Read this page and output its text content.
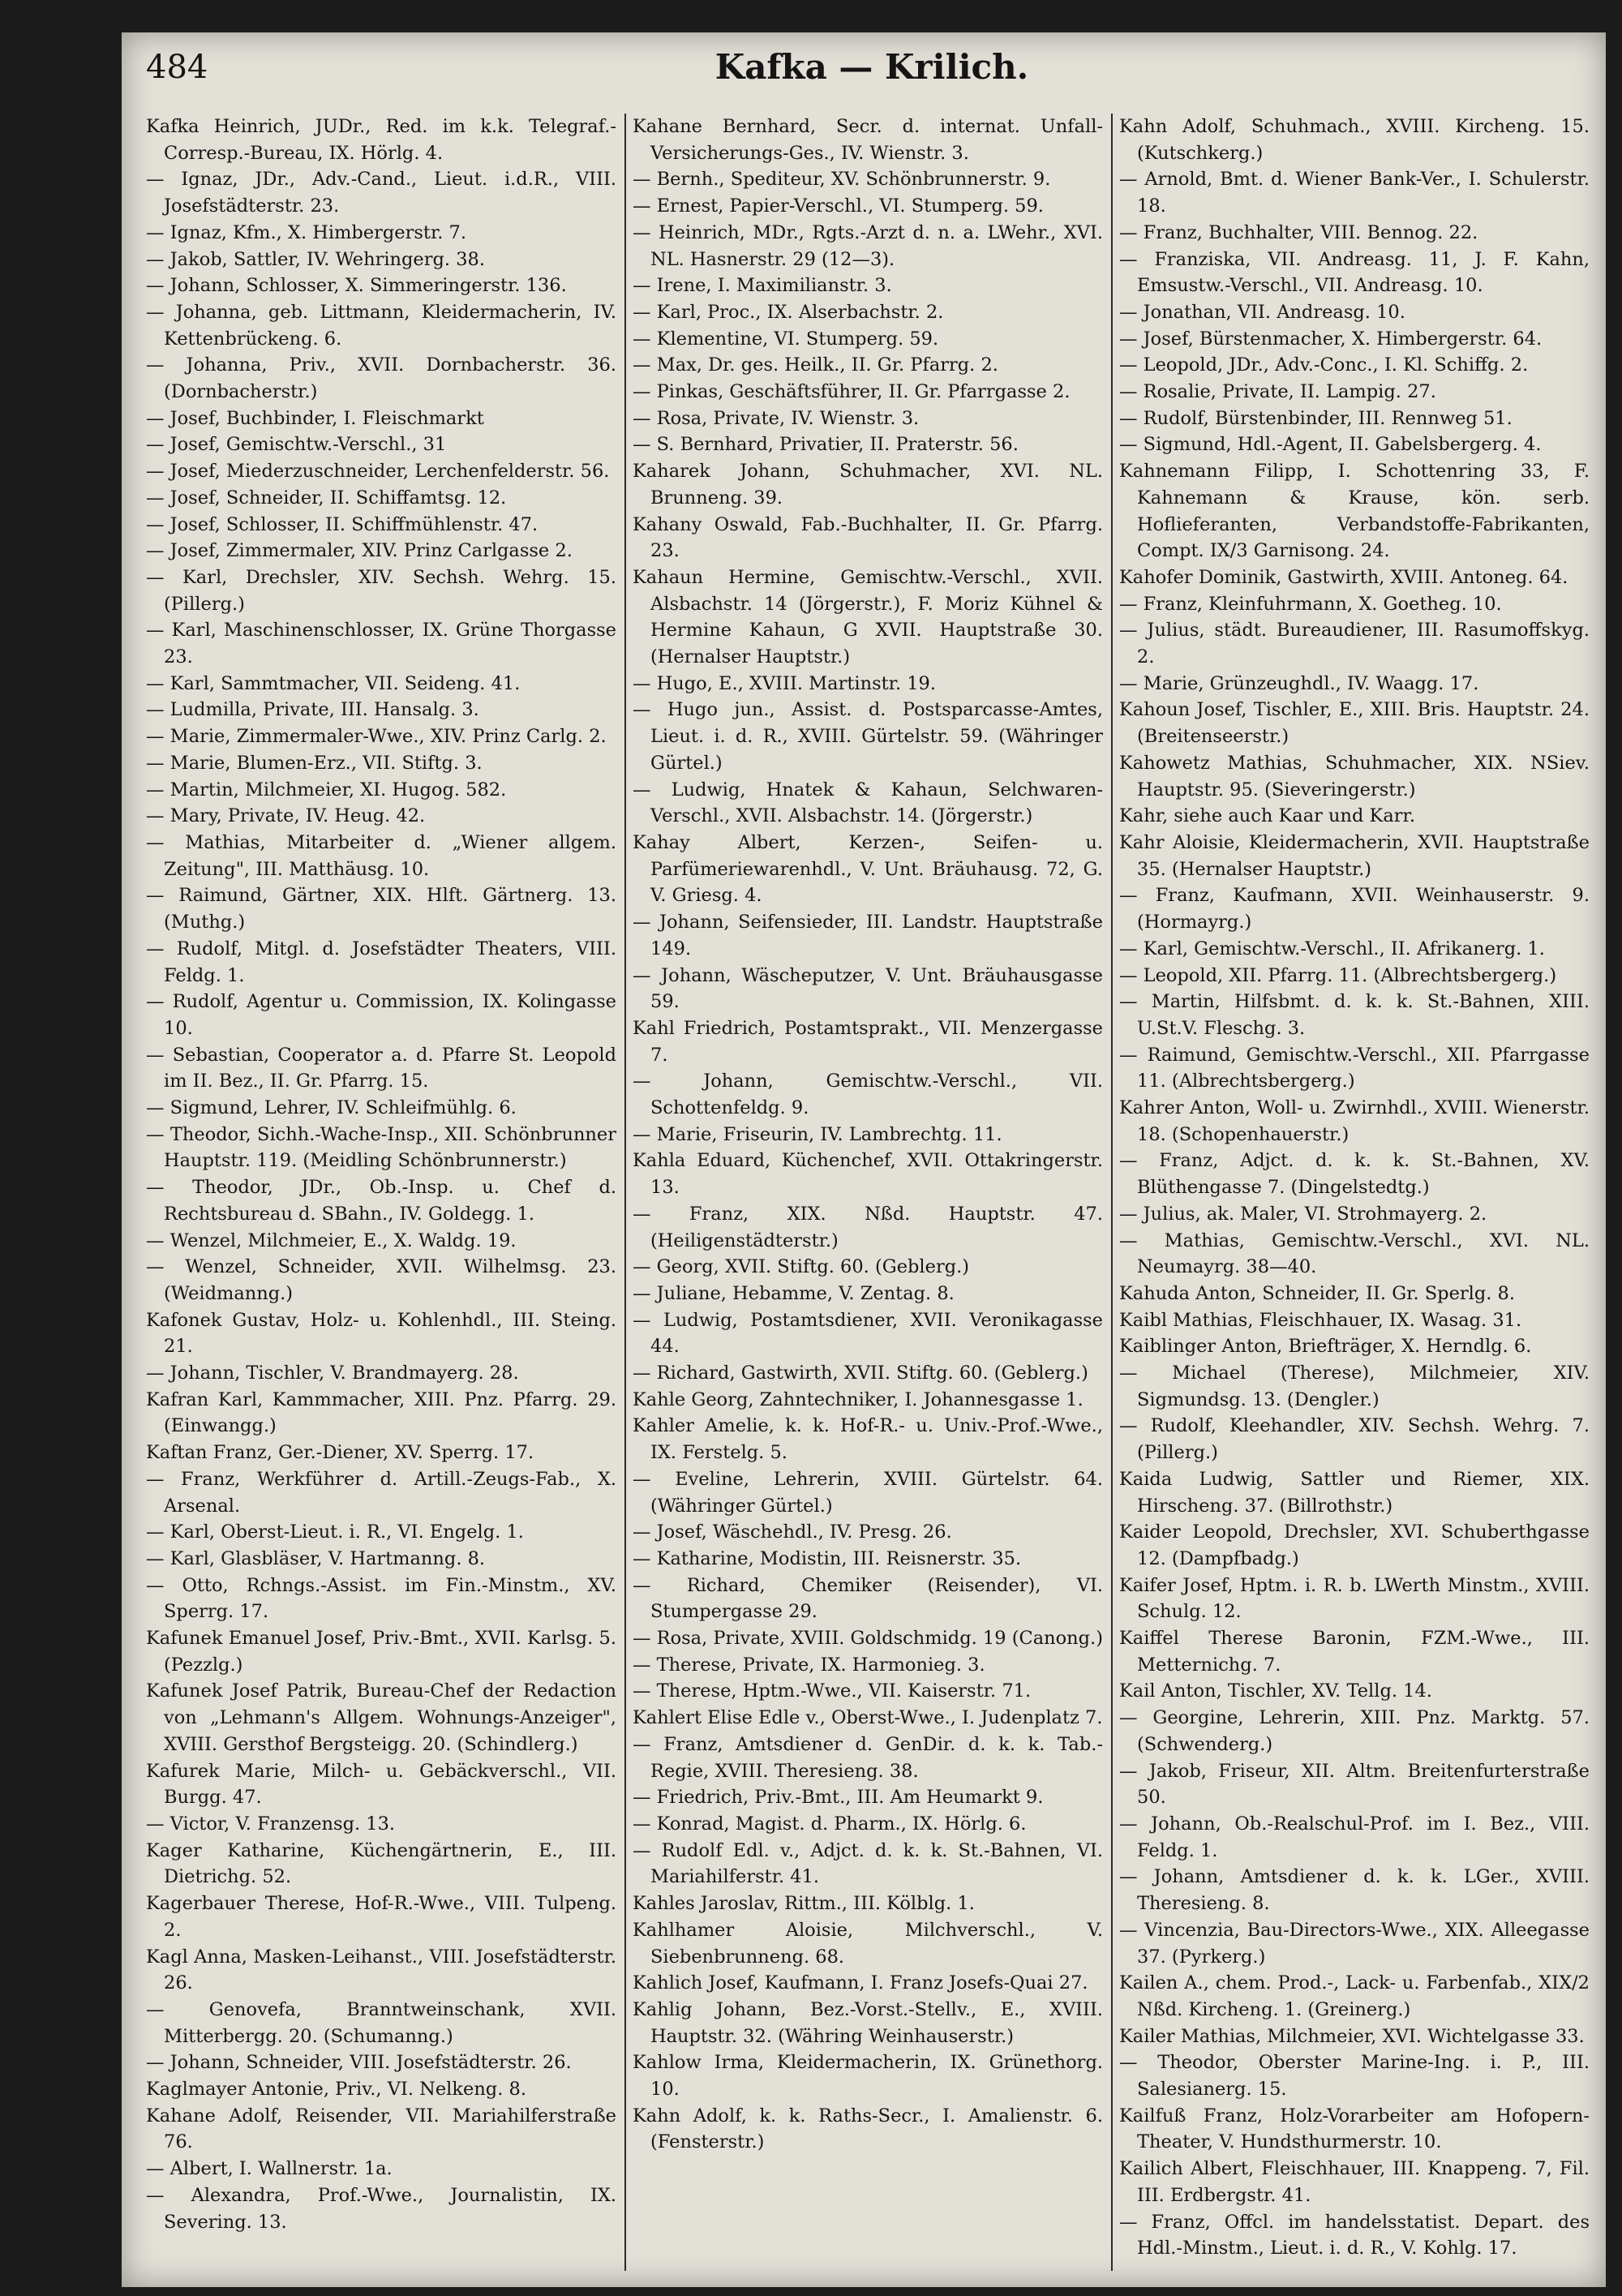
484	Kafka — Krilich.
Kafka Heinrich, JUDr., Red. im k.k. Telegraf.-Corresp.-Bureau, IX. Hörlg. 4.
— Ignaz, JDr., Adv.-Cand., Lieut. i.d.R., VIII. Josefstädterstr. 23.
— Ignaz, Kfm., X. Himbergerstr. 7.
— Jakob, Sattler, IV. Wehringerg. 38.
— Johann, Schlosser, X. Simmeringerstr. 136.
— Johanna, geb. Littmann, Kleidermacherin, IV. Kettenbrückeng. 6.
— Johanna, Priv., XVII. Dornbacherstr. 36. (Dornbacherstr.)
— Josef, Buchbinder, I. Fleischmarkt
— Josef, Gemischtw.-Verschl., 31
— Josef, Miederzuschneider, Lerchenfelderstr. 56.
— Josef, Schneider, II. Schiffamtsg. 12.
— Josef, Schlosser, II. Schiffmühlenstr. 47.
— Josef, Zimmermaler, XIV. Prinz Carlgasse 2.
— Karl, Drechsler, XIV. Sechsh. Wehrg. 15. (Pillerg.)
— Karl, Maschinenschlosser, IX. Grüne Thorgasse 23.
— Karl, Sammtmacher, VII. Seideng. 41.
— Ludmilla, Private, III. Hansalg. 3.
— Marie, Zimmermaler-Wwe., XIV. Prinz Carlg. 2.
— Marie, Blumen-Erz., VII. Stiftg. 3.
— Martin, Milchmeier, XI. Hugog. 582.
— Mary, Private, IV. Heug. 42.
— Mathias, Mitarbeiter d. „Wiener allgem. Zeitung", III. Matthäusg. 10.
— Raimund, Gärtner, XIX. Hlft. Gärtnerg. 13. (Muthg.)
— Rudolf, Mitgl. d. Josefstädter Theaters, VIII. Feldg. 1.
— Rudolf, Agentur u. Commission, IX. Kolingasse 10.
— Sebastian, Cooperator a. d. Pfarre St. Leopold im II. Bez., II. Gr. Pfarrg. 15.
— Sigmund, Lehrer, IV. Schleifmühlg. 6.
— Theodor, Sichh.-Wache-Insp., XII. Schönbrunner Hauptstr. 119. (Meidling Schönbrunnerstr.)
— Theodor, JDr., Ob.-Insp. u. Chef d. Rechtsbureau d. SBahn., IV. Goldegg. 1.
— Wenzel, Milchmeier, E., X. Waldg. 19.
— Wenzel, Schneider, XVII. Wilhelmsg. 23. (Weidmanng.)
Kafonek Gustav, Holz- u. Kohlenhdl., III. Steing. 21.
— Johann, Tischler, V. Brandmayerg. 28.
Kafran Karl, Kammmacher, XIII. Pnz. Pfarrg. 29. (Einwangg.)
Kaftan Franz, Ger.-Diener, XV. Sperrg. 17.
— Franz, Werkführer d. Artill.-Zeugs-Fab., X. Arsenal.
— Karl, Oberst-Lieut. i. R., VI. Engelg. 1.
— Karl, Glasbläser, V. Hartmanng. 8.
— Otto, Rchngs.-Assist. im Fin.-Minstm., XV. Sperrg. 17.
Kafunek Emanuel Josef, Priv.-Bmt., XVII. Karlsg. 5. (Pezzlg.)
Kafunek Josef Patrik, Bureau-Chef der Redaction von „Lehmann's Allgem. Wohnungs-Anzeiger", XVIII. Gersthof Bergsteigg. 20. (Schindlerg.)
Kafurek Marie, Milch- u. Gebäckverschl., VII. Burgg. 47.
— Victor, V. Franzensg. 13.
Kager Katharine, Küchengärtnerin, E., III. Dietrichg. 52.
Kagerbauer Therese, Hof-R.-Wwe., VIII. Tulpeng. 2.
Kagl Anna, Masken-Leihanst., VIII. Josefstädterstr. 26.
— Genovefa, Branntweinschank, XVII. Mitterbergg. 20. (Schumanng.)
— Johann, Schneider, VIII. Josefstädterstr. 26.
Kaglmayer Antonie, Priv., VI. Nelkeng. 8.
Kahane Adolf, Reisender, VII. Mariahilferstraße 76.
— Albert, I. Wallnerstr. 1a.
— Alexandra, Prof.-Wwe., Journalistin, IX. Severing. 13.
Kahane Bernhard, Secr. d. internat. Unfall-Versicherungs-Ges., IV. Wienstr. 3.
— Bernh., Spediteur, XV. Schönbrunnerstr. 9.
— Ernest, Papier-Verschl., VI. Stumperg. 59.
— Heinrich, MDr., Rgts.-Arzt d. n. a. LWehr., XVI. NL. Hasnerstr. 29 (12—3).
— Irene, I. Maximilianstr. 3.
— Karl, Proc., IX. Alserbachstr. 2.
— Klementine, VI. Stumperg. 59.
— Max, Dr. ges. Heilk., II. Gr. Pfarrg. 2.
— Pinkas, Geschäftsführer, II. Gr. Pfarrgasse 2.
— Rosa, Private, IV. Wienstr. 3.
— S. Bernhard, Privatier, II. Praterstr. 56.
Kaharek Johann, Schuhmacher, XVI. NL. Brunneng. 39.
Kahany Oswald, Fab.-Buchhalter, II. Gr. Pfarrg. 23.
Kahaun Hermine, Gemischtw.-Verschl., XVII. Alsbachstr. 14 (Jörgerstr.), F. Moriz Kühnel & Hermine Kahaun, G XVII. Hauptstraße 30. (Hernalser Hauptstr.)
— Hugo, E., XVIII. Martinstr. 19.
— Hugo jun., Assist. d. Postsparcasse-Amtes, Lieut. i. d. R., XVIII. Gürtelstr. 59. (Währinger Gürtel.)
— Ludwig, Hnatek & Kahaun, Selchwaren-Verschl., XVII. Alsbachstr. 14. (Jörgerstr.)
Kahay Albert, Kerzen-, Seifen- u. Parfümeriewarenhdl., V. Unt. Bräuhausg. 72, G. V. Griesg. 4.
— Johann, Seifensieder, III. Landstr. Hauptstraße 149.
— Johann, Wäscheputzer, V. Unt. Bräuhausgasse 59.
Kahl Friedrich, Postamtsprakt., VII. Menzergasse 7.
— Johann, Gemischtw.-Verschl., VII. Schottenfeldg. 9.
— Marie, Friseurin, IV. Lambrechtg. 11.
Kahla Eduard, Küchenchef, XVII. Ottakringerstr. 13.
— Franz, XIX. Nßd. Hauptstr. 47. (Heiligenstädterstr.)
— Georg, XVII. Stiftg. 60. (Geblerg.)
— Juliane, Hebamme, V. Zentag. 8.
— Ludwig, Postamtsdiener, XVII. Veronikagasse 44.
— Richard, Gastwirth, XVII. Stiftg. 60. (Geblerg.)
Kahle Georg, Zahntechniker, I. Johannesgasse 1.
Kahler Amelie, k. k. Hof-R.- u. Univ.-Prof.-Wwe., IX. Ferstelg. 5.
— Eveline, Lehrerin, XVIII. Gürtelstr. 64. (Währinger Gürtel.)
— Josef, Wäschehdl., IV. Presg. 26.
— Katharine, Modistin, III. Reisnerstr. 35.
— Richard, Chemiker (Reisender), VI. Stumpergasse 29.
— Rosa, Private, XVIII. Goldschmidg. 19 (Canong.)
— Therese, Private, IX. Harmonieg. 3.
— Therese, Hptm.-Wwe., VII. Kaiserstr. 71.
Kahlert Elise Edle v., Oberst-Wwe., I. Judenplatz 7.
— Franz, Amtsdiener d. GenDir. d. k. k. Tab.-Regie, XVIII. Theresieng. 38.
— Friedrich, Priv.-Bmt., III. Am Heumarkt 9.
— Konrad, Magist. d. Pharm., IX. Hörlg. 6.
— Rudolf Edl. v., Adjct. d. k. k. St.-Bahnen, VI. Mariahilferstr. 41.
Kahles Jaroslav, Rittm., III. Kölblg. 1.
Kahlhamer Aloisie, Milchverschl., V. Siebenbrunneng. 68.
Kahlich Josef, Kaufmann, I. Franz Josefs-Quai 27.
Kahlig Johann, Bez.-Vorst.-Stellv., E., XVIII. Hauptstr. 32. (Währing Weinhauserstr.)
Kahlow Irma, Kleidermacherin, IX. Grünethorg. 10.
Kahn Adolf, k. k. Raths-Secr., I. Amalienstr. 6. (Fensterstr.)
Kahn Adolf, Schuhmach., XVIII. Kircheng. 15. (Kutschkerg.)
— Arnold, Bmt. d. Wiener Bank-Ver., I. Schulerstr. 18.
— Franz, Buchhalter, VIII. Bennog. 22.
— Franziska, VII. Andreasg. 11, J. F. Kahn, Emsustw.-Verschl., VII. Andreasg. 10.
— Jonathan, VII. Andreasg. 10.
— Josef, Bürstenmacher, X. Himbergerstr. 64.
— Leopold, JDr., Adv.-Conc., I. Kl. Schiffg. 2.
— Rosalie, Private, II. Lampig. 27.
— Rudolf, Bürstenbinder, III. Rennweg 51.
— Sigmund, Hdl.-Agent, II. Gabelsbergerg. 4.
Kahnemann Filipp, I. Schottenring 33, F. Kahnemann & Krause, kön. serb. Hoflieferanten, Verbandstoffe-Fabrikanten, Compt. IX/3 Garnisong. 24.
Kahofer Dominik, Gastwirth, XVIII. Antoneg. 64.
— Franz, Kleinfuhrmann, X. Goetheg. 10.
— Julius, städt. Bureaudiener, III. Rasumoffskyg. 2.
— Marie, Grünzeughdl., IV. Waagg. 17.
Kahoun Josef, Tischler, E., XIII. Bris. Hauptstr. 24. (Breitenseerstr.)
Kahowetz Mathias, Schuhmacher, XIX. NSiev. Hauptstr. 95. (Sieveringerstr.)
Kahr, siehe auch Kaar und Karr.
Kahr Aloisie, Kleidermacherin, XVII. Hauptstraße 35. (Hernalser Hauptstr.)
— Franz, Kaufmann, XVII. Weinhauserstr. 9. (Hormayrg.)
— Karl, Gemischtw.-Verschl., II. Afrikanerg. 1.
— Leopold, XII. Pfarrg. 11. (Albrechtsbergerg.)
— Martin, Hilfsbmt. d. k. k. St.-Bahnen, XIII. U.St.V. Fleschg. 3.
— Raimund, Gemischtw.-Verschl., XII. Pfarrgasse 11. (Albrechtsbergerg.)
Kahrer Anton, Woll- u. Zwirnhdl., XVIII. Wienerstr. 18. (Schopenhauerstr.)
— Franz, Adjct. d. k. k. St.-Bahnen, XV. Blüthengasse 7. (Dingelstedtg.)
— Julius, ak. Maler, VI. Strohmayerg. 2.
— Mathias, Gemischtw.-Verschl., XVI. NL. Neumayrg. 38—40.
Kahuda Anton, Schneider, II. Gr. Sperlg. 8.
Kaibl Mathias, Fleischhauer, IX. Wasag. 31.
Kaiblinger Anton, Briefträger, X. Herndlg. 6.
— Michael (Therese), Milchmeier, XIV. Sigmundsg. 13. (Dengler.)
— Rudolf, Kleehandler, XIV. Sechsh. Wehrg. 7. (Pillerg.)
Kaida Ludwig, Sattler und Riemer, XIX. Hirscheng. 37. (Billrothstr.)
Kaider Leopold, Drechsler, XVI. Schuberthgasse 12. (Dampfbadg.)
Kaifer Josef, Hptm. i. R. b. LWerth Minstm., XVIII. Schulg. 12.
Kaiffel Therese Baronin, FZM.-Wwe., III. Metternichg. 7.
Kail Anton, Tischler, XV. Tellg. 14.
— Georgine, Lehrerin, XIII. Pnz. Marktg. 57. (Schwenderg.)
— Jakob, Friseur, XII. Altm. Breitenfurterstraße 50.
— Johann, Ob.-Realschul-Prof. im I. Bez., VIII. Feldg. 1.
— Johann, Amtsdiener d. k. k. LGer., XVIII. Theresieng. 8.
— Vincenzia, Bau-Directors-Wwe., XIX. Alleegasse 37. (Pyrkerg.)
Kailen A., chem. Prod.-, Lack- u. Farbenfab., XIX/2 Nßd. Kircheng. 1. (Greinerg.)
Kailer Mathias, Milchmeier, XVI. Wichtelgasse 33.
— Theodor, Oberster Marine-Ing. i. P., III. Salesianerg. 15.
Kailfuß Franz, Holz-Vorarbeiter am Hofopern-Theater, V. Hundsthurmerstr. 10.
Kailich Albert, Fleischhauer, III. Knappeng. 7, Fil. III. Erdbergstr. 41.
— Franz, Offcl. im handelsstatist. Depart. des Hdl.-Minstm., Lieut. i. d. R., V. Kohlg. 17.
